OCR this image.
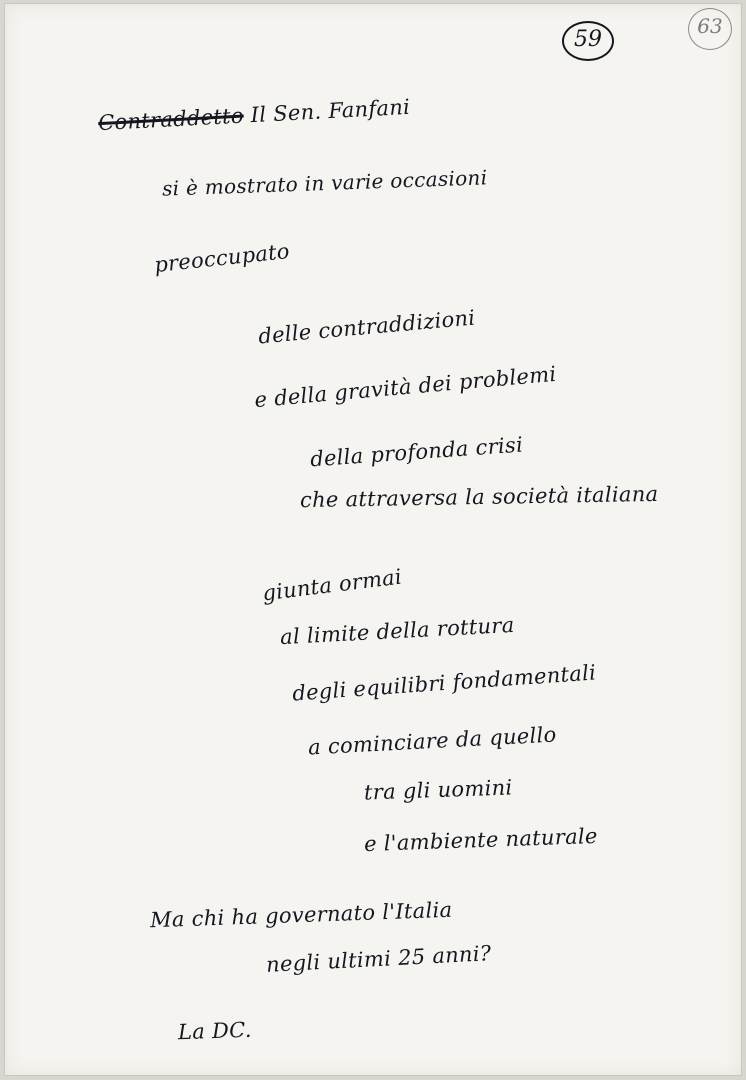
59
63
Contraddetto Il Sen. Fanfani
si è mostrato in varie occasioni
preoccupato
delle contraddizioni
e della gravità dei problemi
della profonda crisi
che attraversa la società italiana
giunta ormai
al limite della rottura
degli equilibri fondamentali
a cominciare da quello
tra gli uomini
e l'ambiente naturale
Ma chi ha governato l'Italia
negli ultimi 25 anni?
La DC.
